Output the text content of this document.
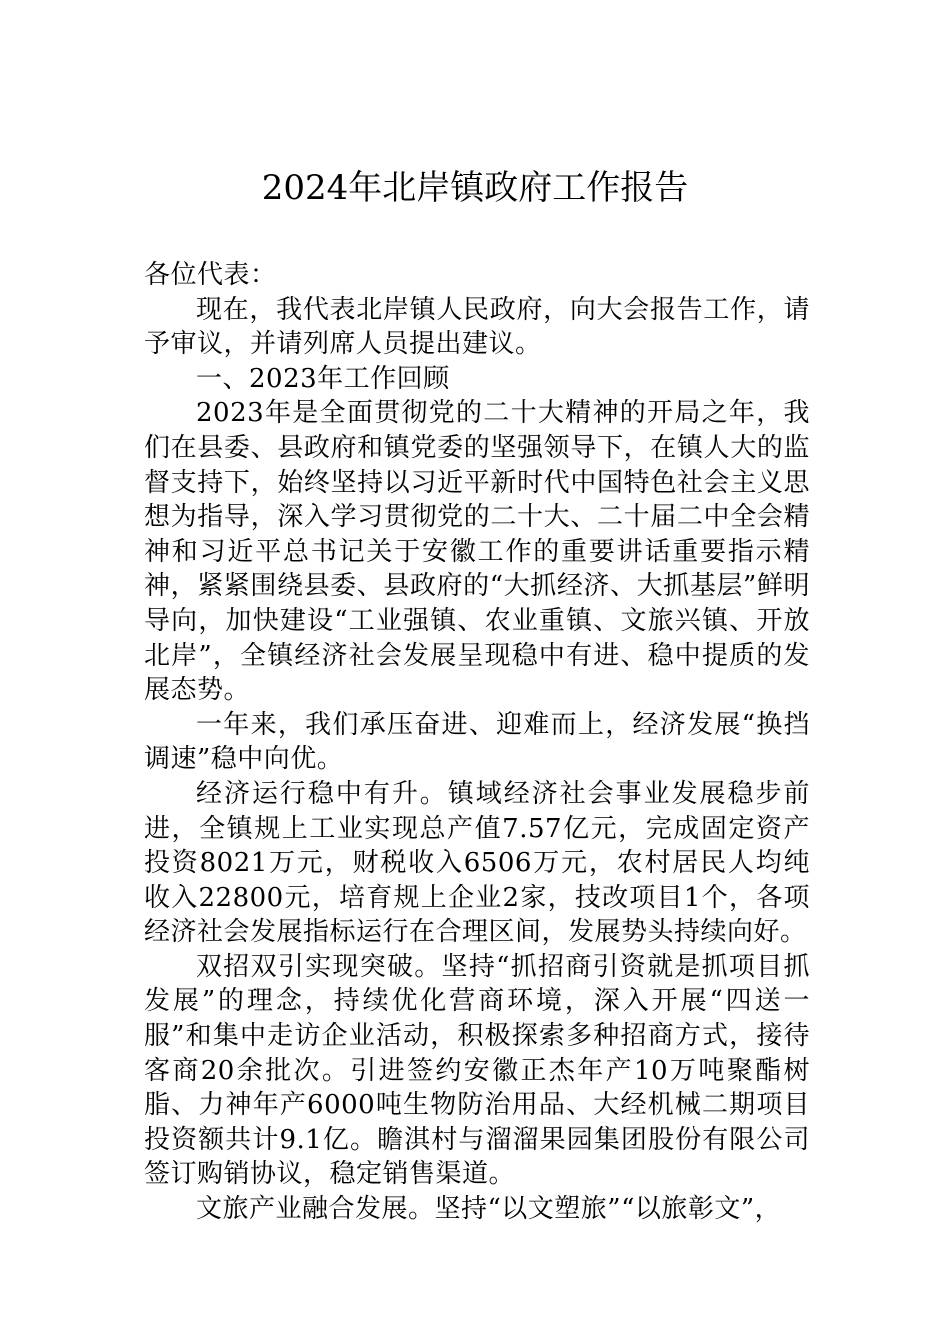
2024年北岸镇政府工作报告

各位代表：

现在，我代表北岸镇人民政府，向大会报告工作，请予审议，并请列席人员提出建议。

一、2023年工作回顾

2023年是全面贯彻党的二十大精神的开局之年，我们在县委、县政府和镇党委的坚强领导下，在镇人大的监督支持下，始终坚持以习近平新时代中国特色社会主义思想为指导，深入学习贯彻党的二十大、二十届二中全会精神和习近平总书记关于安徽工作的重要讲话重要指示精神，紧紧围绕县委、县政府的“大抓经济、大抓基层”鲜明导向，加快建设“工业强镇、农业重镇、文旅兴镇、开放北岸”，全镇经济社会发展呈现稳中有进、稳中提质的发展态势。

一年来，我们承压奋进、迎难而上，经济发展“换挡调速”稳中向优。

经济运行稳中有升。镇域经济社会事业发展稳步前进，全镇规上工业实现总产值7.57亿元，完成固定资产投资8021万元，财税收入6506万元，农村居民人均纯收入22800元，培育规上企业2家，技改项目1个，各项经济社会发展指标运行在合理区间，发展势头持续向好。

双招双引实现突破。坚持“抓招商引资就是抓项目抓发展”的理念，持续优化营商环境，深入开展“四送一服”和集中走访企业活动，积极探索多种招商方式，接待客商20余批次。引进签约安徽正杰年产10万吨聚酯树脂、力神年产6000吨生物防治用品、大经机械二期项目投资额共计9.1亿。瞻淇村与溜溜果园集团股份有限公司签订购销协议，稳定销售渠道。

文旅产业融合发展。坚持“以文塑旅”“以旅彰文”，
